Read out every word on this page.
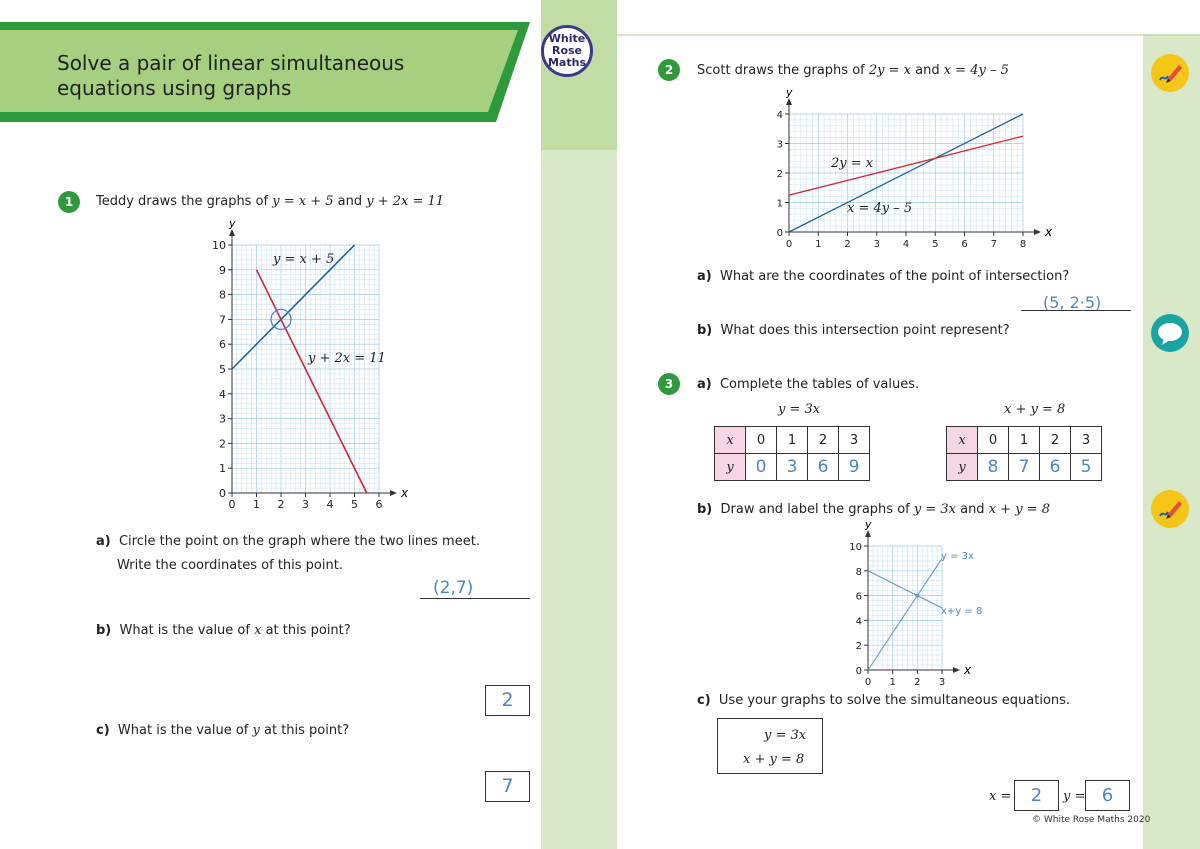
Solve a pair of linear simultaneous
equations using graphs
White
Rose
Maths
1	Teddy draws the graphs of y = x + 5 and y + 2x = 11
x
y
0 1 2 3 4 5 6
0
1
2
3
4
5
6
7
8
9
10
y = x + 5
y + 2x = 11
a) Circle the point on the graph where the two lines meet.
Write the coordinates of this point.
(2,7)
b) What is the value of x at this point?
2
c) What is the value of y at this point?
7
2	Scott draws the graphs of 2y = x and x = 4y – 5
x
y
0 1 2 3 4 5 6 7 8
0
1
2
3
4
2y = x
x = 4y – 5
a) What are the coordinates of the point of intersection?
(5, 2·5)
b) What does this intersection point represent?
3	a) Complete the tables of values.
y = 3x
x	0	1	2	3
y	0	3	6	9
x + y = 8
x	0	1	2	3
y	8	7	6	5
b) Draw and label the graphs of y = 3x and x + y = 8
x
y
0 1 2 3
0
2
4
6
8
10
y = 3x
x+y = 8
c) Use your graphs to solve the simultaneous equations.
y = 3x
x + y = 8
x =	2	y = 6
© White Rose Maths 2020
